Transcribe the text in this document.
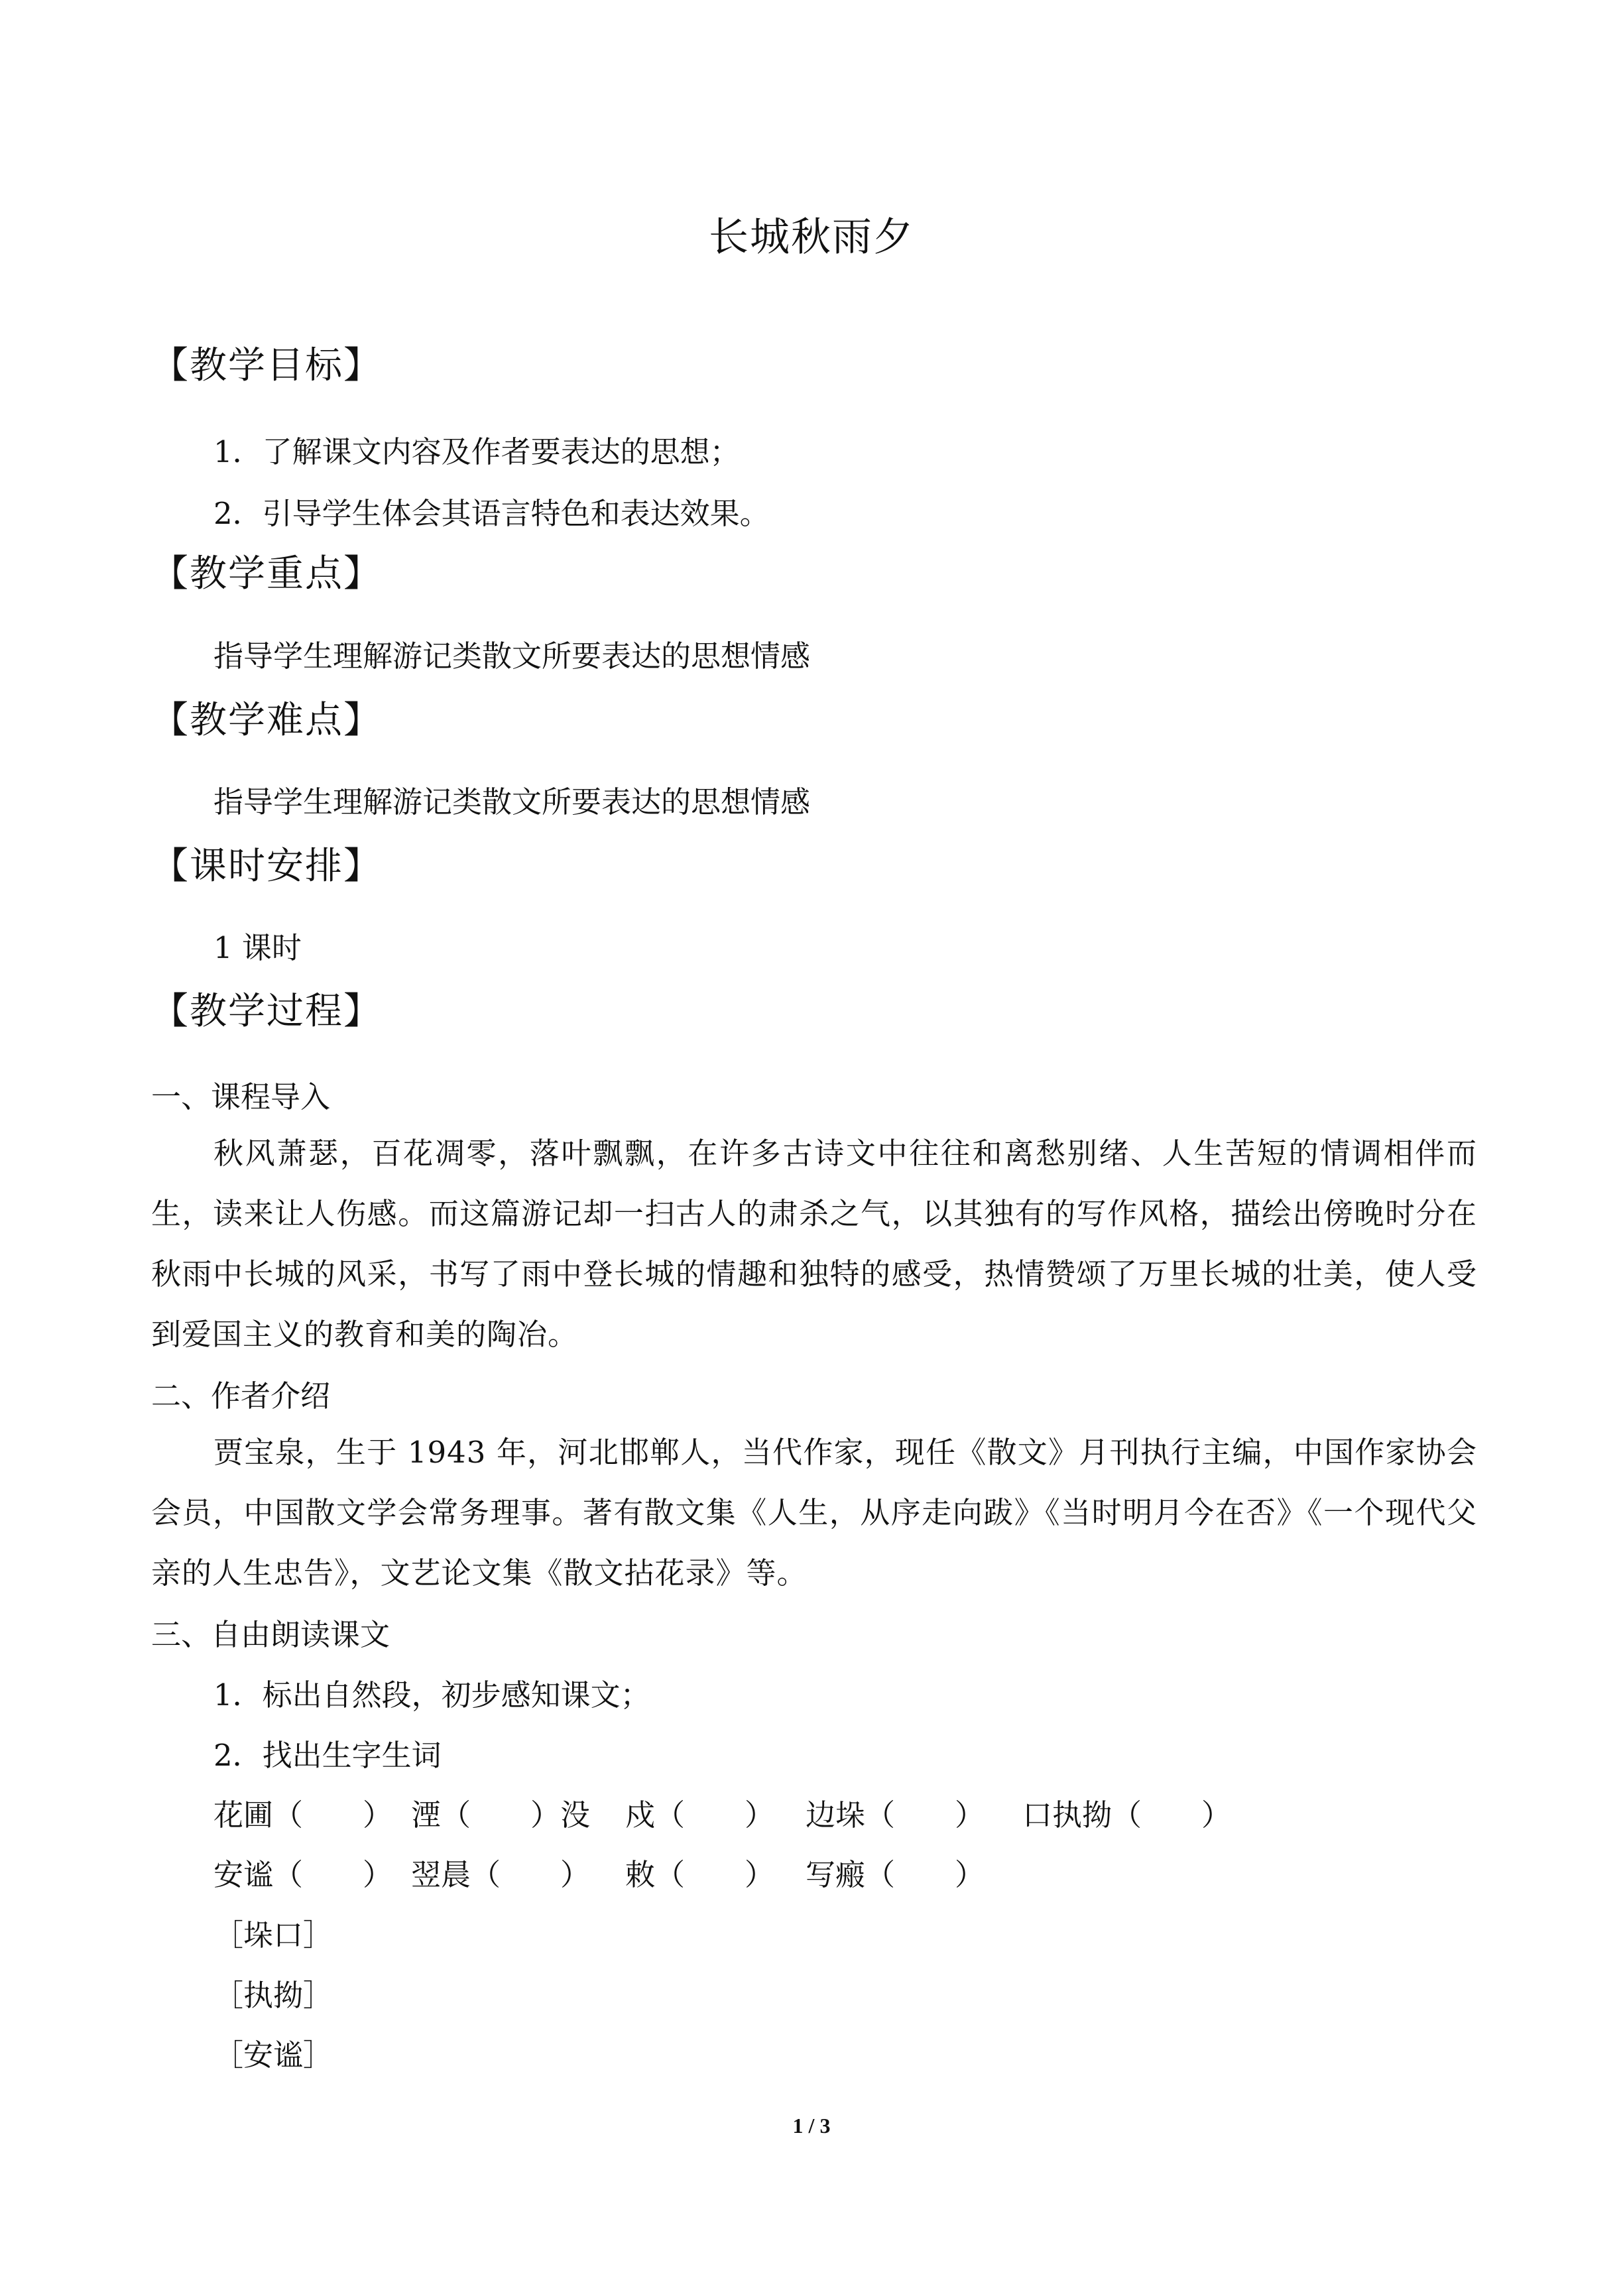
长城秋雨夕
【教学目标】
1．了解课文内容及作者要表达的思想；
2．引导学生体会其语言特色和表达效果。
【教学重点】
指导学生理解游记类散文所要表达的思想情感
【教学难点】
指导学生理解游记类散文所要表达的思想情感
【课时安排】
1 课时
【教学过程】
一、课程导入
秋风萧瑟，百花凋零，落叶飘飘，在许多古诗文中往往和离愁别绪、人生苦短的情调相伴而生，读来让人伤感。而这篇游记却一扫古人的肃杀之气，以其独有的写作风格，描绘出傍晚时分在秋雨中长城的风采，书写了雨中登长城的情趣和独特的感受，热情赞颂了万里长城的壮美，使人受到爱国主义的教育和美的陶冶。
二、作者介绍
贾宝泉，生于 1943 年，河北邯郸人，当代作家，现任《散文》月刊执行主编，中国作家协会会员，中国散文学会常务理事。著有散文集《人生，从序走向跋》《当时明月今在否》《一个现代父亲的人生忠告》，文艺论文集《散文拈花录》等。
三、自由朗读课文
1．标出自然段，初步感知课文；
2．找出生字生词
花圃（　　） 湮（　　）没 戍（　　） 边垛（　　） 口执拗（　　）
安谧（　　） 翌晨（　　） 敕（　　） 写瘢（　　）
［垛口］
［执拗］
［安谧］
1 / 3
